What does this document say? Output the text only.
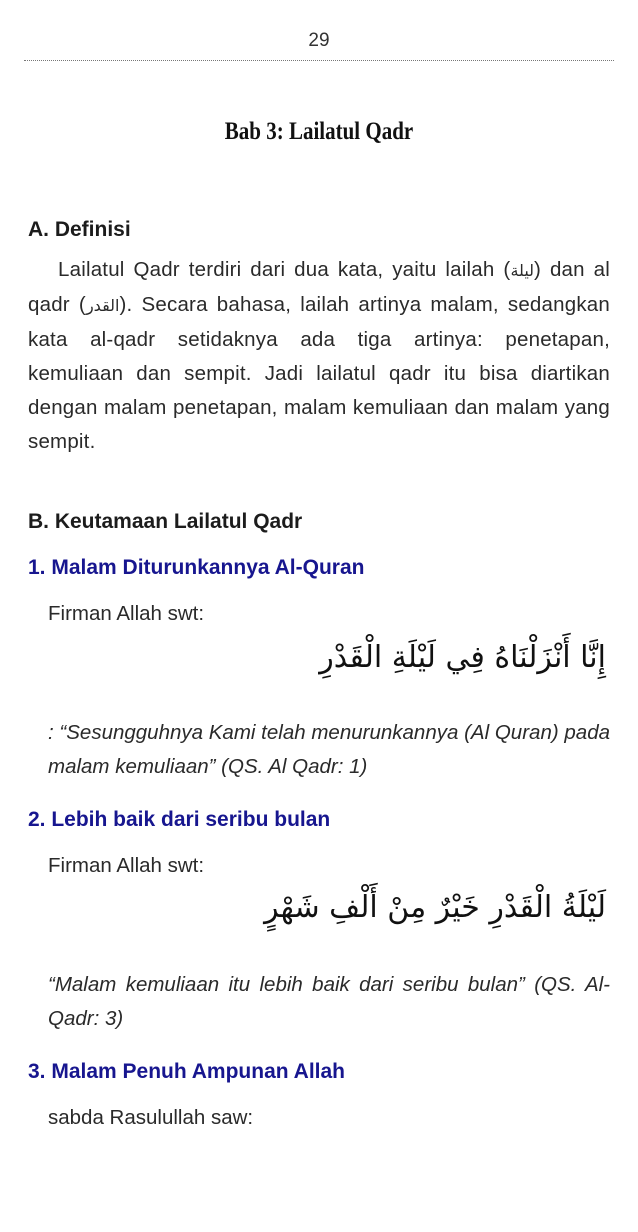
29
Bab 3: Lailatul Qadr
A. Definisi
Lailatul Qadr terdiri dari dua kata, yaitu lailah (ليلة) dan al qadr (القدر). Secara bahasa, lailah artinya malam, sedangkan kata al-qadr setidaknya ada tiga artinya: penetapan, kemuliaan dan sempit. Jadi lailatul qadr itu bisa diartikan dengan malam penetapan, malam kemuliaan dan malam yang sempit.
B. Keutamaan Lailatul Qadr
1. Malam Diturunkannya Al-Quran
Firman Allah swt:
إِنَّا أَنْزَلْنَاهُ فِي لَيْلَةِ الْقَدْرِ
: “Sesungguhnya Kami telah menurunkannya (Al Quran) pada malam kemuliaan” (QS. Al Qadr: 1)
2. Lebih baik dari seribu bulan
Firman Allah swt:
لَيْلَةُ الْقَدْرِ خَيْرٌ مِنْ أَلْفِ شَهْرٍ
“Malam kemuliaan itu lebih baik dari seribu bulan” (QS. Al-Qadr: 3)
3. Malam Penuh Ampunan Allah
sabda Rasulullah saw:
